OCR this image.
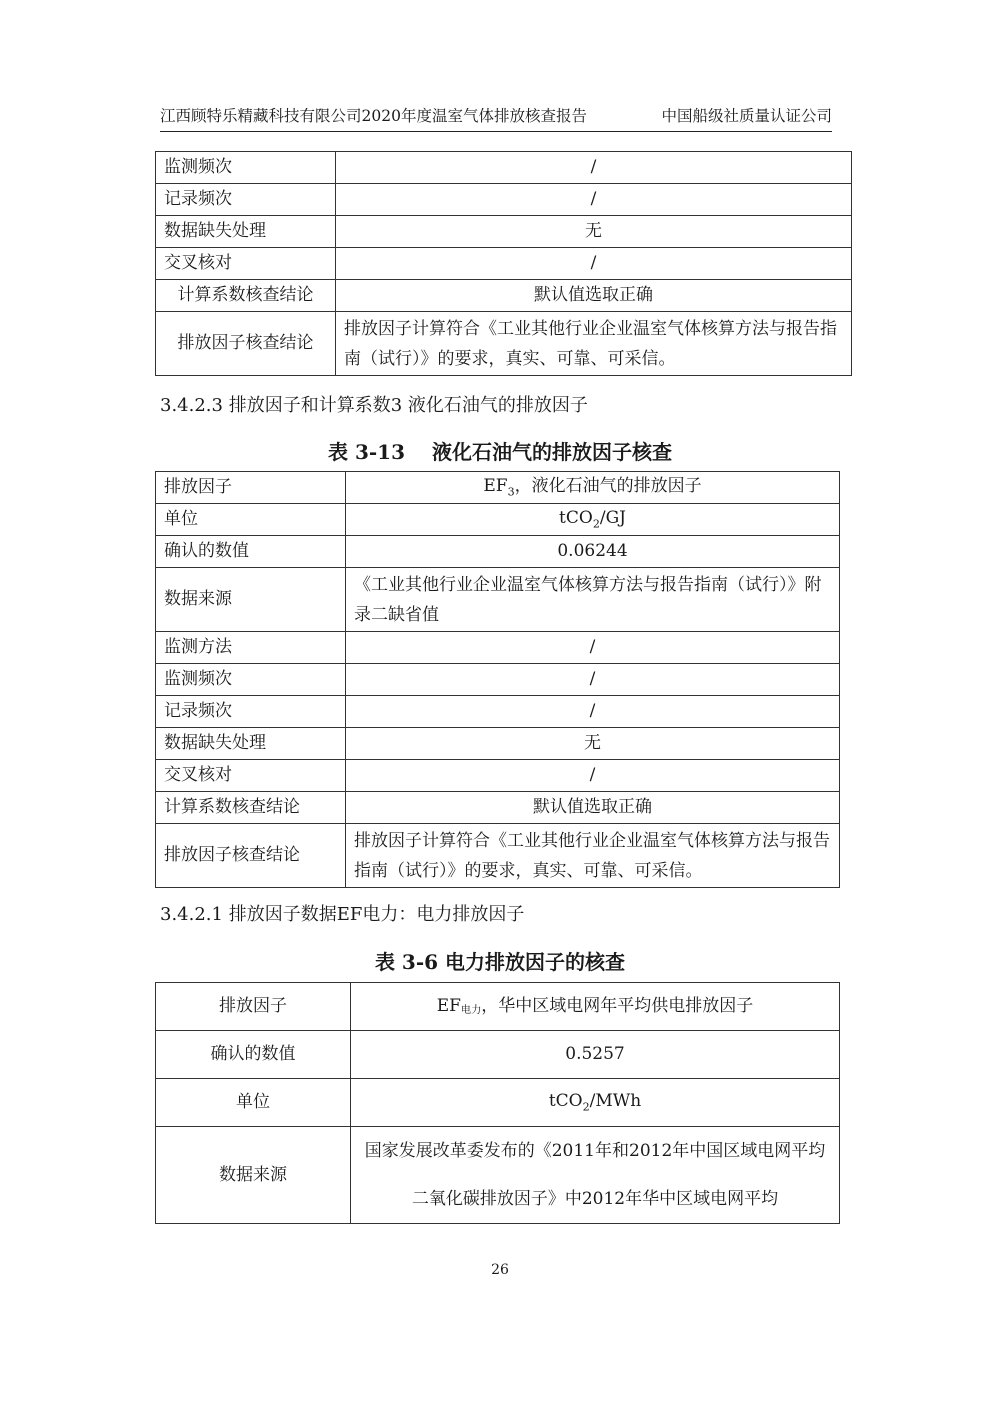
江西顾特乐精藏科技有限公司2020年度温室气体排放核查报告	中国船级社质量认证公司
监测频次	/
记录频次	/
数据缺失处理	无
交叉核对	/
计算系数核查结论	默认值选取正确
排放因子核查结论	排放因子计算符合《工业其他行业企业温室气体核算方法与报告指南（试行）》的要求，真实、可靠、可采信。
3.4.2.3 排放因子和计算系数3 液化石油气的排放因子
表 3-13　 液化石油气的排放因子核查
排放因子	$EF_3$，液化石油气的排放因子
单位	tCO$_2$/GJ
确认的数值	0.06244
数据来源	《工业其他行业企业温室气体核算方法与报告指南（试行）》附录二缺省值
监测方法	/
监测频次	/
记录频次	/
数据缺失处理	无
交叉核对	/
计算系数核查结论	默认值选取正确
排放因子核查结论	排放因子计算符合《工业其他行业企业温室气体核算方法与报告指南（试行）》的要求，真实、可靠、可采信。
3.4.2.1 排放因子数据EF电力：电力排放因子
表 3-6 电力排放因子的核查
排放因子	EF电力，华中区域电网年平均供电排放因子
确认的数值	0.5257
单位	tCO$_2$/MWh
数据来源	国家发展改革委发布的《2011年和2012年中国区域电网平均二氧化碳排放因子》中2012年华中区域电网平均
26
